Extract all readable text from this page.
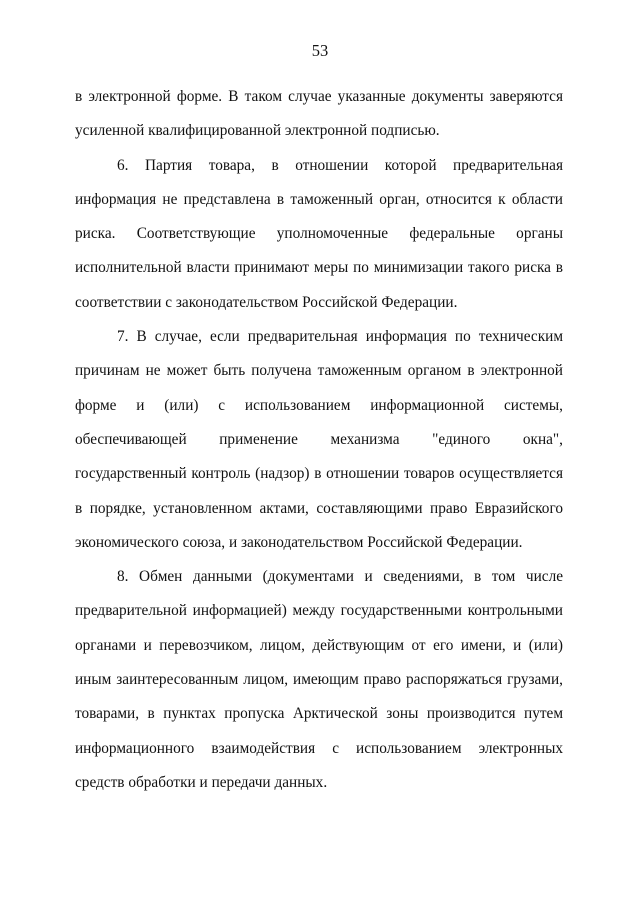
53

в электронной форме. В таком случае указанные документы заверяются усиленной квалифицированной электронной подписью.

6. Партия товара, в отношении которой предварительная информация не представлена в таможенный орган, относится к области риска. Соответствующие уполномоченные федеральные органы исполнительной власти принимают меры по минимизации такого риска в соответствии с законодательством Российской Федерации.

7. В случае, если предварительная информация по техническим причинам не может быть получена таможенным органом в электронной форме и (или) с использованием информационной системы, обеспечивающей применение механизма "единого окна", государственный контроль (надзор) в отношении товаров осуществляется в порядке, установленном актами, составляющими право Евразийского экономического союза, и законодательством Российской Федерации.

8. Обмен данными (документами и сведениями, в том числе предварительной информацией) между государственными контрольными органами и перевозчиком, лицом, действующим от его имени, и (или) иным заинтересованным лицом, имеющим право распоряжаться грузами, товарами, в пунктах пропуска Арктической зоны производится путем информационного взаимодействия с использованием электронных средств обработки и передачи данных.
